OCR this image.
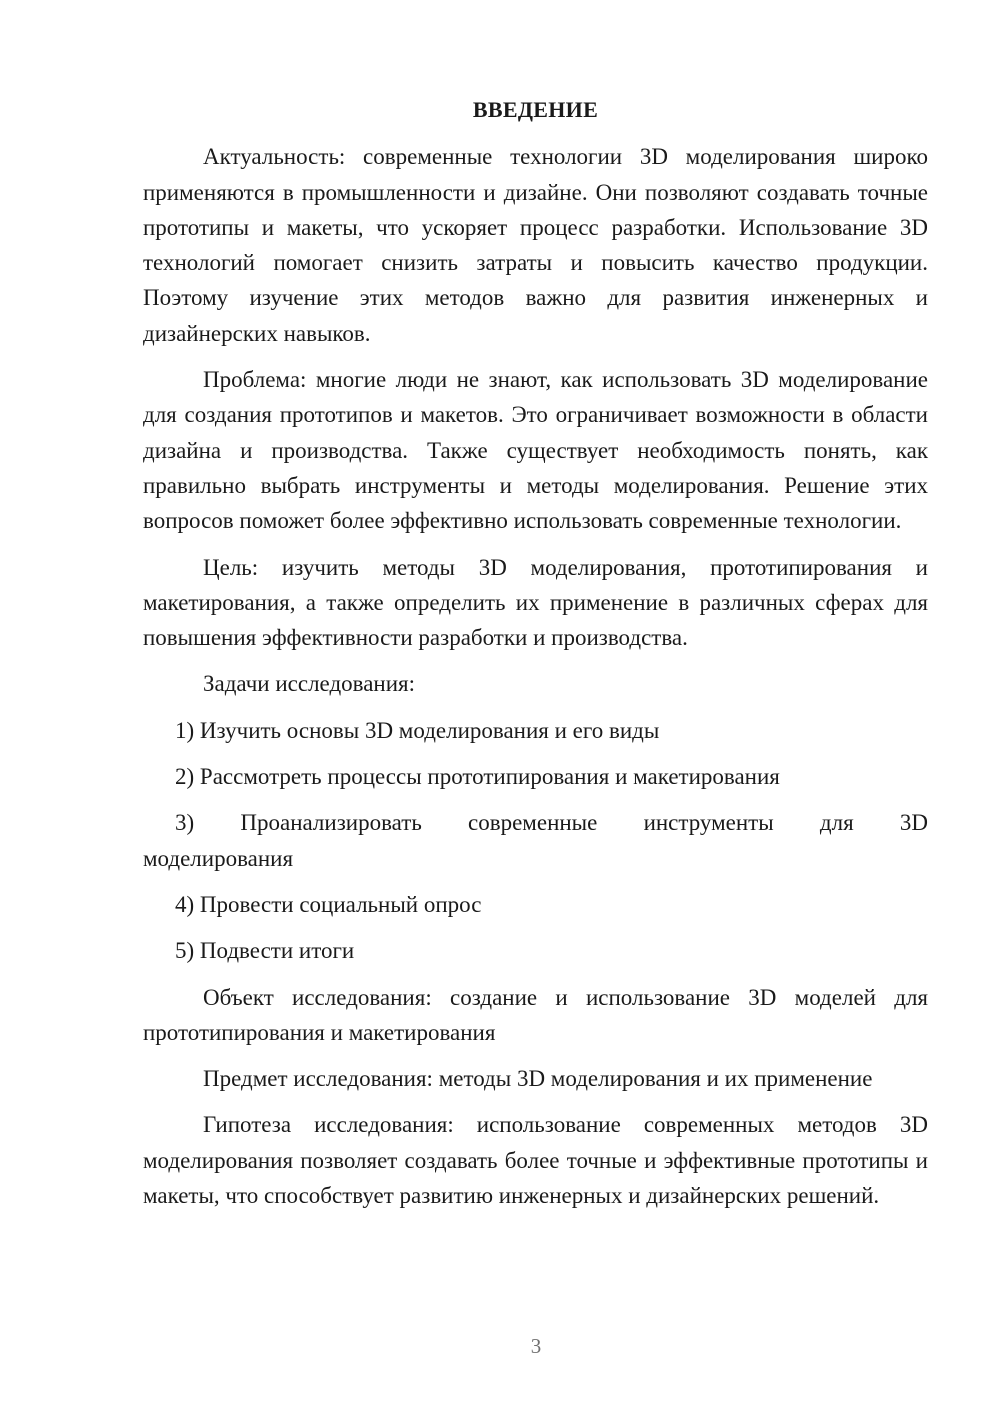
ВВЕДЕНИЕ

Актуальность: современные технологии 3D моделирования широко применяются в промышленности и дизайне. Они позволяют создавать точные прототипы и макеты, что ускоряет процесс разработки. Использование 3D технологий помогает снизить затраты и повысить качество продукции. Поэтому изучение этих методов важно для развития инженерных и дизайнерских навыков.

Проблема: многие люди не знают, как использовать 3D моделирование для создания прототипов и макетов. Это ограничивает возможности в области дизайна и производства. Также существует необходимость понять, как правильно выбрать инструменты и методы моделирования. Решение этих вопросов поможет более эффективно использовать современные технологии.

Цель: изучить методы 3D моделирования, прототипирования и макетирования, а также определить их применение в различных сферах для повышения эффективности разработки и производства.

Задачи исследования:

1) Изучить основы 3D моделирования и его виды

2) Рассмотреть процессы прототипирования и макетирования

3) Проанализировать современные инструменты для 3D

моделирования

4) Провести социальный опрос

5) Подвести итоги

Объект исследования: создание и использование 3D моделей для прототипирования и макетирования

Предмет исследования: методы 3D моделирования и их применение

Гипотеза исследования: использование современных методов 3D моделирования позволяет создавать более точные и эффективные прототипы и макеты, что способствует развитию инженерных и дизайнерских решений.

3
